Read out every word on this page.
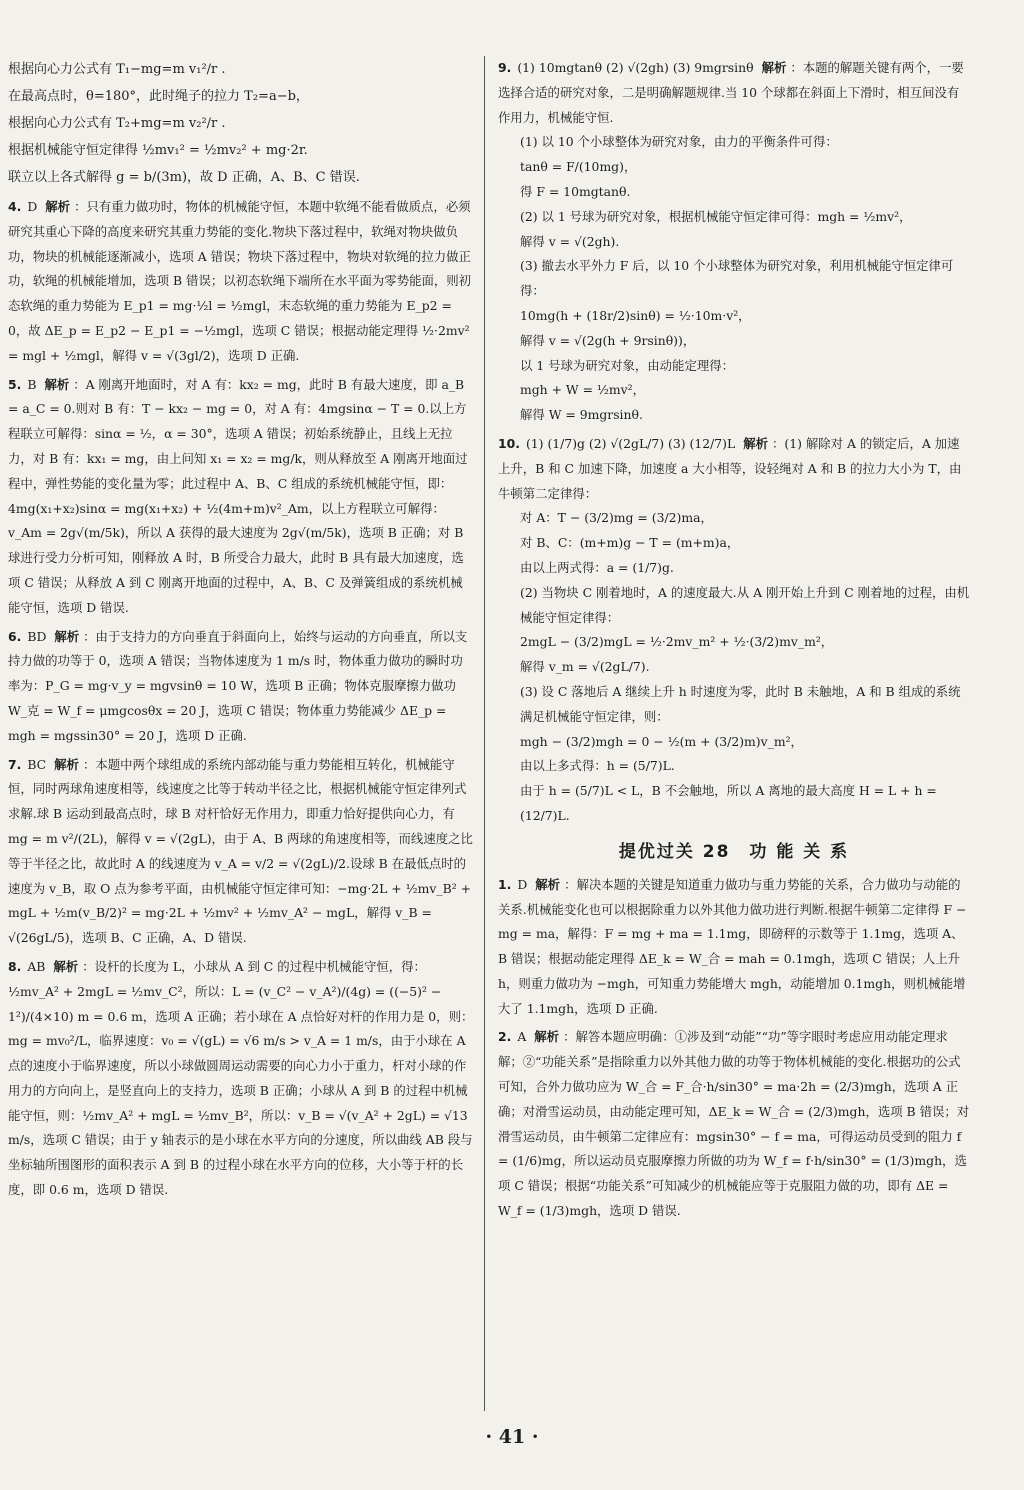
根据向心力公式有 T₁−mg=m v₁²/r .
在最高点时，θ=180°，此时绳子的拉力 T₂=a−b，
根据向心力公式有 T₂+mg=m v₂²/r .
根据机械能守恒定律得 ½mv₁² = ½mv₂² + mg·2r.
联立以上各式解得 g = b/(3m)，故 D 正确，A、B、C 错误.
4. D 解析 ：只有重力做功时，物体的机械能守恒，本题中软绳不能看做质点，必须研究其重心下降的高度来研究其重力势能的变化.物块下落过程中，软绳对物块做负功，物块的机械能逐渐减小，选项 A 错误；物块下落过程中，物块对软绳的拉力做正功，软绳的机械能增加，选项 B 错误；以初态软绳下端所在水平面为零势能面，则初态软绳的重力势能为 E_p1 = mg·½l = ½mgl，末态软绳的重力势能为 E_p2 = 0，故 ΔE_p = E_p2 − E_p1 = −½mgl，选项 C 错误；根据动能定理得 ½·2mv² = mgl + ½mgl，解得 v = √(3gl/2)，选项 D 正确.
5. B 解析 ：A 刚离开地面时，对 A 有：kx₂ = mg，此时 B 有最大速度，即 a_B = a_C = 0.则对 B 有：T − kx₂ − mg = 0，对 A 有：4mgsinα − T = 0.以上方程联立可解得：sinα = ½，α = 30°，选项 A 错误；初始系统静止，且线上无拉力，对 B 有：kx₁ = mg，由上问知 x₁ = x₂ = mg/k，则从释放至 A 刚离开地面过程中，弹性势能的变化量为零；此过程中 A、B、C 组成的系统机械能守恒，即：4mg(x₁+x₂)sinα = mg(x₁+x₂) + ½(4m+m)v²_Am，以上方程联立可解得：v_Am = 2g√(m/5k)，所以 A 获得的最大速度为 2g√(m/5k)，选项 B 正确；对 B 球进行受力分析可知，刚释放 A 时，B 所受合力最大，此时 B 具有最大加速度，选项 C 错误；从释放 A 到 C 刚离开地面的过程中，A、B、C 及弹簧组成的系统机械能守恒，选项 D 错误.
6. BD 解析 ：由于支持力的方向垂直于斜面向上，始终与运动的方向垂直，所以支持力做的功等于 0，选项 A 错误；当物体速度为 1 m/s 时，物体重力做功的瞬时功率为：P_G = mg·v_y = mgvsinθ = 10 W，选项 B 正确；物体克服摩擦力做功 W_克 = W_f = μmgcosθx = 20 J，选项 C 错误；物体重力势能减少 ΔE_p = mgh = mgssin30° = 20 J，选项 D 正确.
7. BC 解析 ：本题中两个球组成的系统内部动能与重力势能相互转化，机械能守恒，同时两球角速度相等，线速度之比等于转动半径之比，根据机械能守恒定律列式求解.球 B 运动到最高点时，球 B 对杆恰好无作用力，即重力恰好提供向心力，有 mg = m v²/(2L)，解得 v = √(2gL)，由于 A、B 两球的角速度相等，而线速度之比等于半径之比，故此时 A 的线速度为 v_A = v/2 = √(2gL)/2.设球 B 在最低点时的速度为 v_B，取 O 点为参考平面，由机械能守恒定律可知：−mg·2L + ½mv_B² + mgL + ½m(v_B/2)² = mg·2L + ½mv² + ½mv_A² − mgL，解得 v_B = √(26gL/5)，选项 B、C 正确，A、D 错误.
8. AB 解析 ：设杆的长度为 L，小球从 A 到 C 的过程中机械能守恒，得：½mv_A² + 2mgL = ½mv_C²，所以：L = (v_C² − v_A²)/(4g) = ((−5)² − 1²)/(4×10) m = 0.6 m，选项 A 正确；若小球在 A 点恰好对杆的作用力是 0，则：mg = mv₀²/L，临界速度：v₀ = √(gL) = √6 m/s > v_A = 1 m/s，由于小球在 A 点的速度小于临界速度，所以小球做圆周运动需要的向心力小于重力，杆对小球的作用力的方向向上，是竖直向上的支持力，选项 B 正确；小球从 A 到 B 的过程中机械能守恒，则：½mv_A² + mgL = ½mv_B²，所以：v_B = √(v_A² + 2gL) = √13 m/s，选项 C 错误；由于 y 轴表示的是小球在水平方向的分速度，所以曲线 AB 段与坐标轴所围图形的面积表示 A 到 B 的过程小球在水平方向的位移，大小等于杆的长度，即 0.6 m，选项 D 错误.
9. (1) 10mgtanθ (2) √(2gh) (3) 9mgrsinθ 解析 ：本题的解题关键有两个，一要选择合适的研究对象，二是明确解题规律.当 10 个球都在斜面上下滑时，相互间没有作用力，机械能守恒.
(1) 以 10 个小球整体为研究对象，由力的平衡条件可得：
tanθ = F/(10mg)，
得 F = 10mgtanθ.
(2) 以 1 号球为研究对象，根据机械能守恒定律可得：mgh = ½mv²，
解得 v = √(2gh).
(3) 撤去水平外力 F 后，以 10 个小球整体为研究对象，利用机械能守恒定律可得：
10mg(h + (18r/2)sinθ) = ½·10m·v²，
解得 v = √(2g(h + 9rsinθ))，
以 1 号球为研究对象，由动能定理得：
mgh + W = ½mv²，
解得 W = 9mgrsinθ.
10. (1) (1/7)g (2) √(2gL/7) (3) (12/7)L 解析 ：(1) 解除对 A 的锁定后，A 加速上升，B 和 C 加速下降，加速度 a 大小相等，设轻绳对 A 和 B 的拉力大小为 T，由牛顿第二定律得：
对 A：T − (3/2)mg = (3/2)ma，
对 B、C：(m+m)g − T = (m+m)a，
由以上两式得：a = (1/7)g.
(2) 当物块 C 刚着地时，A 的速度最大.从 A 刚开始上升到 C 刚着地的过程，由机械能守恒定律得：
2mgL − (3/2)mgL = ½·2mv_m² + ½·(3/2)mv_m²，
解得 v_m = √(2gL/7).
(3) 设 C 落地后 A 继续上升 h 时速度为零，此时 B 未触地，A 和 B 组成的系统满足机械能守恒定律，则：
mgh − (3/2)mgh = 0 − ½(m + (3/2)m)v_m²，
由以上多式得：h = (5/7)L.
由于 h = (5/7)L < L，B 不会触地，所以 A 离地的最大高度 H = L + h = (12/7)L.
提优过关 28　功 能 关 系
1. D 解析 ：解决本题的关键是知道重力做功与重力势能的关系，合力做功与动能的关系.机械能变化也可以根据除重力以外其他力做功进行判断.根据牛顿第二定律得 F − mg = ma，解得：F = mg + ma = 1.1mg，即磅秤的示数等于 1.1mg，选项 A、B 错误；根据动能定理得 ΔE_k = W_合 = mah = 0.1mgh，选项 C 错误；人上升 h，则重力做功为 −mgh，可知重力势能增大 mgh，动能增加 0.1mgh，则机械能增大了 1.1mgh，选项 D 正确.
2. A 解析 ：解答本题应明确：①涉及到“动能”“功”等字眼时考虑应用动能定理求解；②“功能关系”是指除重力以外其他力做的功等于物体机械能的变化.根据功的公式可知，合外力做功应为 W_合 = F_合·h/sin30° = ma·2h = (2/3)mgh，选项 A 正确；对滑雪运动员，由动能定理可知，ΔE_k = W_合 = (2/3)mgh，选项 B 错误；对滑雪运动员，由牛顿第二定律应有：mgsin30° − f = ma，可得运动员受到的阻力 f = (1/6)mg，所以运动员克服摩擦力所做的功为 W_f = f·h/sin30° = (1/3)mgh，选项 C 错误；根据“功能关系”可知减少的机械能应等于克服阻力做的功，即有 ΔE = W_f = (1/3)mgh，选项 D 错误.
· 41 ·
